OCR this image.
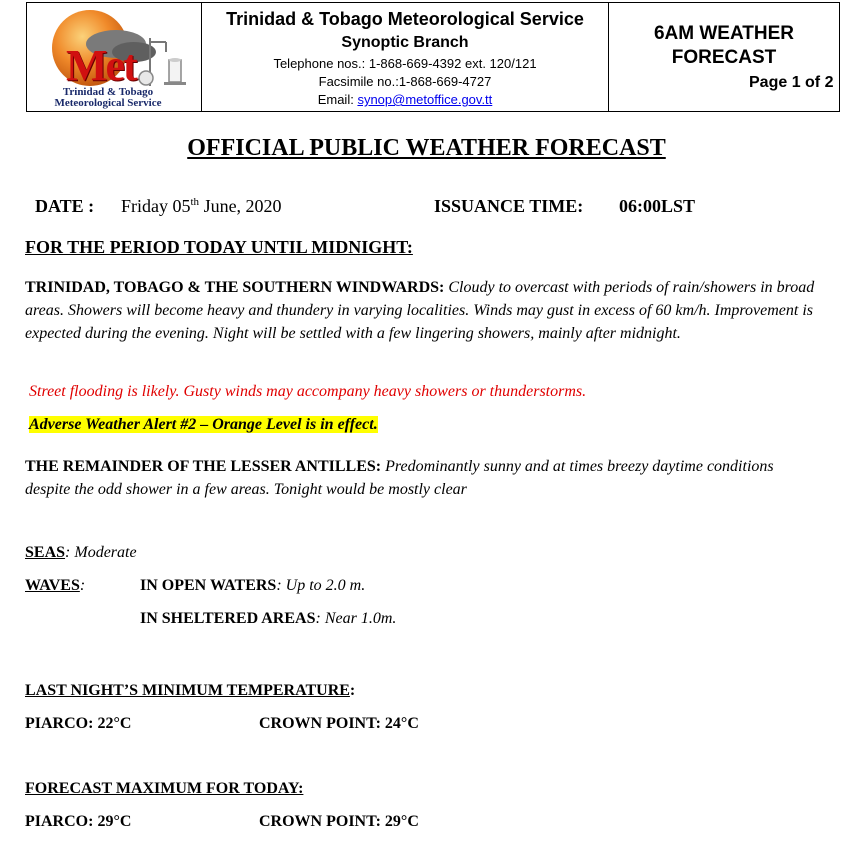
Met
Trinidad & Tobago
Meteorological Service
Trinidad & Tobago Meteorological Service
Synoptic Branch
Telephone nos.: 1-868-669-4392 ext. 120/121
Facsimile no.:1-868-669-4727
Email: synop@metoffice.gov.tt
6AM WEATHER
FORECAST
Page 1 of 2
OFFICIAL PUBLIC WEATHER FORECAST
DATE : Friday 05th June, 2020	ISSUANCE TIME: 06:00LST
FOR THE PERIOD TODAY UNTIL MIDNIGHT:
TRINIDAD, TOBAGO & THE SOUTHERN WINDWARDS: Cloudy to overcast with periods of rain/showers in broad areas. Showers will become heavy and thundery in varying localities. Winds may gust in excess of 60 km/h. Improvement is expected during the evening. Night will be settled with a few lingering showers, mainly after midnight.
Street flooding is likely. Gusty winds may accompany heavy showers or thunderstorms.
Adverse Weather Alert #2 – Orange Level is in effect.
THE REMAINDER OF THE LESSER ANTILLES: Predominantly sunny and at times breezy daytime conditions despite the odd shower in a few areas. Tonight would be mostly clear
SEAS: Moderate
WAVES:	IN OPEN WATERS: Up to 2.0 m.
IN SHELTERED AREAS: Near 1.0m.
LAST NIGHT’S MINIMUM TEMPERATURE:
PIARCO: 22°C	CROWN POINT: 24°C
FORECAST MAXIMUM FOR TODAY:
PIARCO: 29°C	CROWN POINT: 29°C
